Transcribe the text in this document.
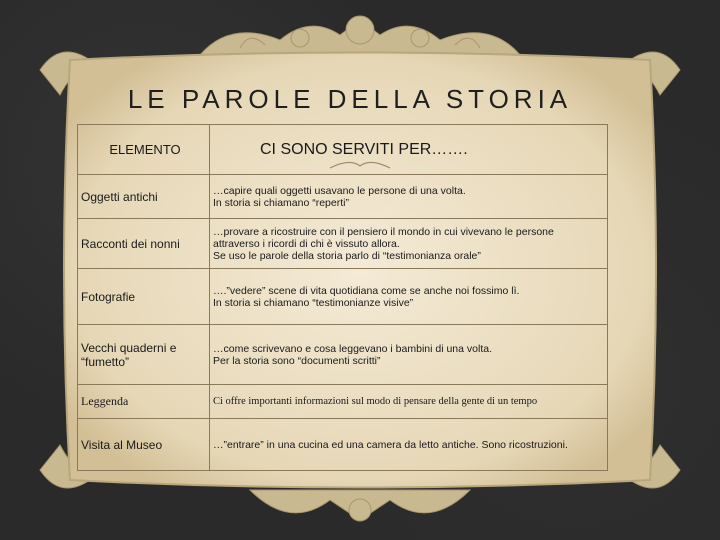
LE PAROLE DELLA STORIA
ELEMENTO	CI SONO SERVITI PER…….
Oggetti antichi	…capire quali oggetti usavano le persone di una volta.
In storia si chiamano “reperti”

Racconti dei nonni	…provare a ricostruire con il pensiero il mondo in cui vivevano le persone
attraverso i ricordi di chi è vissuto allora.
Se uso le parole della storia parlo di “testimonianza orale”

Fotografie	….”vedere” scene di vita quotidiana come se anche noi fossimo lì.
In storia si chiamano “testimonianze visive”

Vecchi quaderni e “fumetto”	…come scrivevano e cosa leggevano i bambini di una volta.
Per la storia sono “documenti scritti”

Leggenda	Ci offre importanti informazioni sul modo di pensare della gente di un tempo

Visita al Museo	…”entrare” in una cucina ed una camera da letto antiche. Sono ricostruzioni.
